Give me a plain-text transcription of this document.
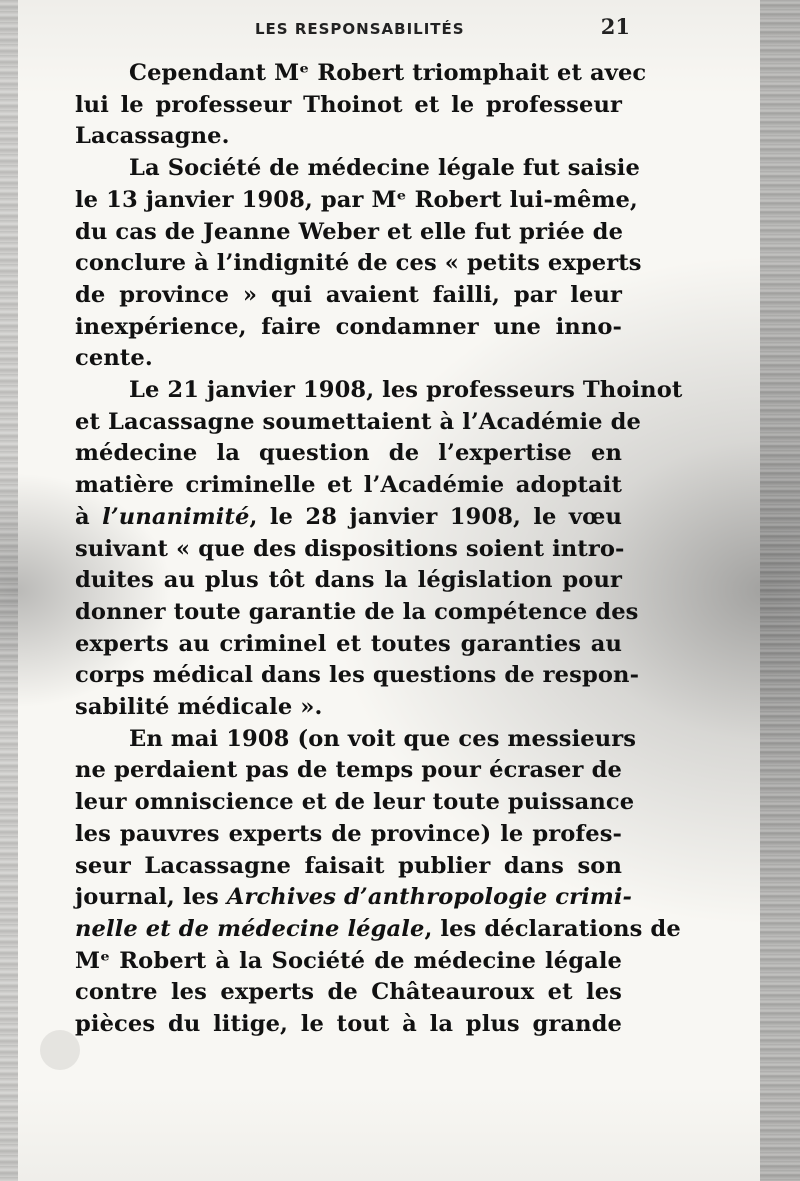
LES RESPONSABILITÉS	21

Cependant Mᵉ Robert triomphait et avec
lui le professeur Thoinot et le professeur
Lacassagne.

La Société de médecine légale fut saisie
le 13 janvier 1908, par Mᵉ Robert lui-même,
du cas de Jeanne Weber et elle fut priée de
conclure à l’indignité de ces « petits experts
de province » qui avaient failli, par leur
inexpérience, faire condamner une inno-
cente.

Le 21 janvier 1908, les professeurs Thoinot
et Lacassagne soumettaient à l’Académie de
médecine la question de l’expertise en
matière criminelle et l’Académie adoptait
à l’unanimité, le 28 janvier 1908, le vœu
suivant « que des dispositions soient intro-
duites au plus tôt dans la législation pour
donner toute garantie de la compétence des
experts au criminel et toutes garanties au
corps médical dans les questions de respon-
sabilité médicale ».

En mai 1908 (on voit que ces messieurs
ne perdaient pas de temps pour écraser de
leur omniscience et de leur toute puissance
les pauvres experts de province) le profes-
seur Lacassagne faisait publier dans son
journal, les Archives d’anthropologie crimi-
nelle et de médecine légale, les déclarations de
Mᵉ Robert à la Société de médecine légale
contre les experts de Châteauroux et les
pièces du litige, le tout à la plus grande
